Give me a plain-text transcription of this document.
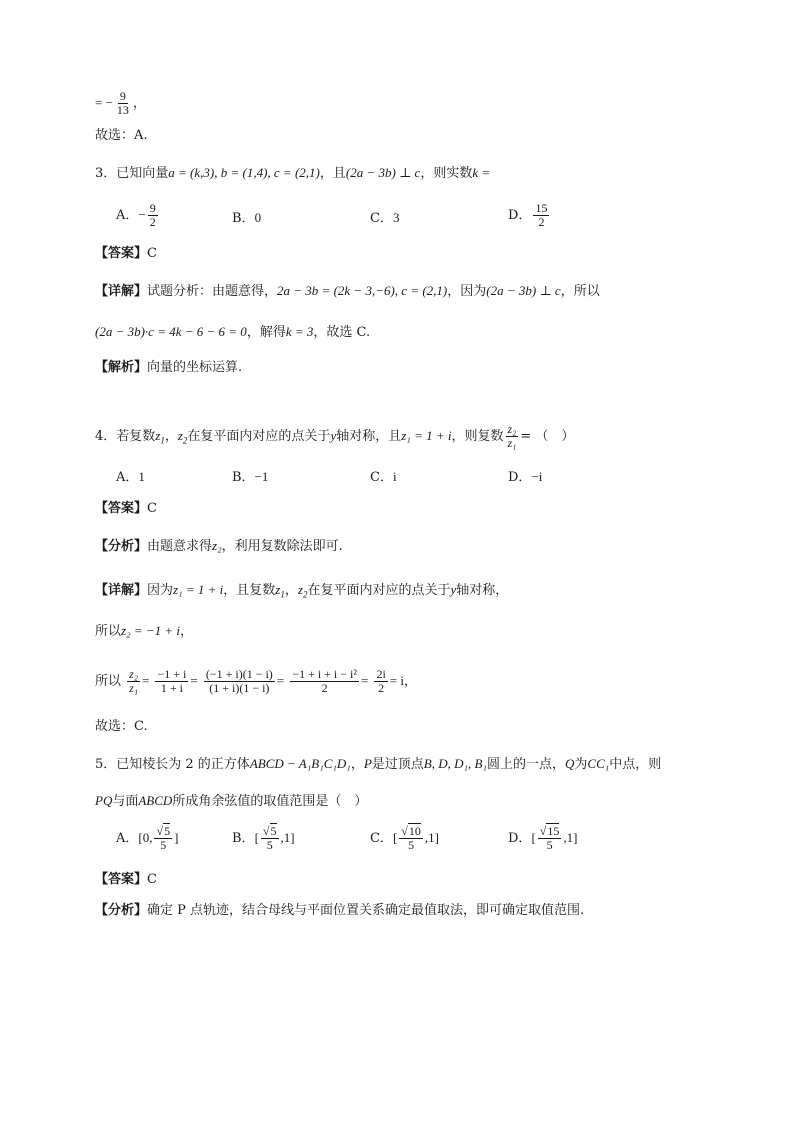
= − $\frac{9}{13}$ ，
故选：A.
3．已知向量a = (k,3), b = (1,4), c = (2,1)，且(2a − 3b) ⊥ c，则实数k =
A．− $\frac{9}{2}$	B．0	C．3	D． $\frac{15}{2}$
【答案】C
【详解】试题分析：由题意得，2a − 3b = (2k − 3,−6), c = (2,1)，因为(2a − 3b) ⊥ c，所以
(2a − 3b)·c = 4k − 6 − 6 = 0，解得k = 3，故选 C.
【解析】向量的坐标运算.
4．若复数$z_1$，$z_2$在复平面内对应的点关于y轴对称，且z₁ = 1 + i，则复数 $\frac{\text{z₂}}{\text{z₁}}$ = （　）
A．1	B．−1	C．i	D．−i
【答案】C
【分析】由题意求得z₂，利用复数除法即可.
【详解】因为z₁ = 1 + i，且复数$z_1$，$z_2$在复平面内对应的点关于y轴对称，
所以z₂ = −1 + i，
所以 $\frac{\text{z₂}}{\text{z₁}} = \frac{-1 + i}{1 + i} = \frac{(-1 + i)(1 - i)}{(1 + i)(1 - i)} = \frac{\text{−1 + i + i − i²}}{2} = \frac{2i}{2} = i$，
故选：C.
5．已知棱长为 2 的正方体ABCD − A₁B₁C₁D₁，P是过顶点B, D, D₁, B₁圆上的一点，Q为CC₁中点，则
PQ与面ABCD所成角余弦值的取值范围是（　）
A．[0, $\frac{√5}{5}$ ]	B．[ $\frac{√5}{5} ,1$]	C．[ $\frac{√10}{5} ,1$]	D．[ $\frac{√15}{5} ,1$]
【答案】C
【分析】确定 P 点轨迹，结合母线与平面位置关系确定最值取法，即可确定取值范围.
